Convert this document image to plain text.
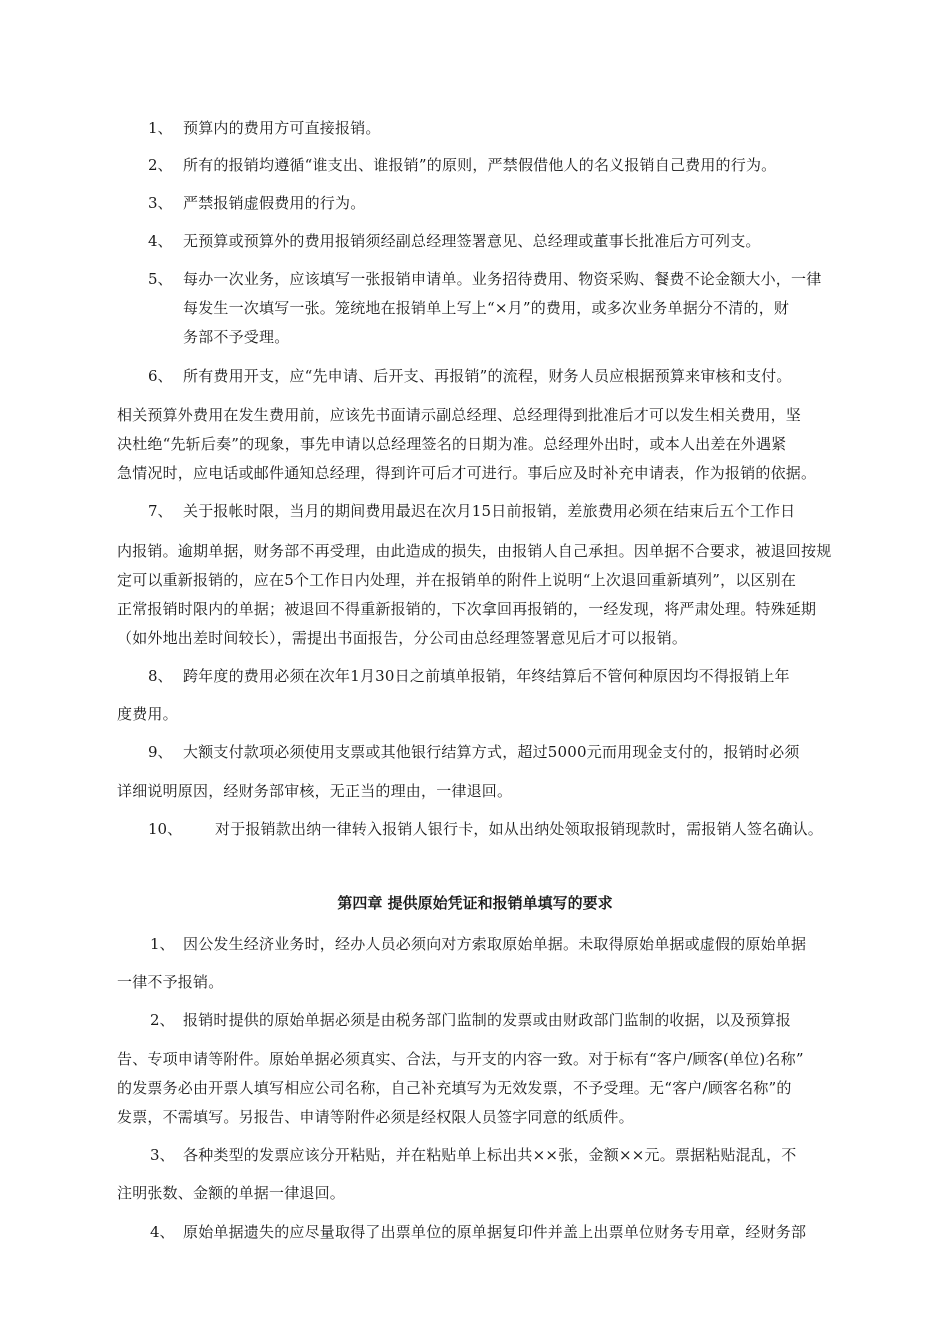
1、 预算内的费用方可直接报销。
2、 所有的报销均遵循“谁支出、谁报销”的原则，严禁假借他人的名义报销自己费用的行为。
3、 严禁报销虚假费用的行为。
4、 无预算或预算外的费用报销须经副总经理签署意见、总经理或董事长批准后方可列支。
5、 每办一次业务，应该填写一张报销申请单。业务招待费用、物资采购、餐费不论金额大小，一律
每发生一次填写一张。笼统地在报销单上写上“×月”的费用，或多次业务单据分不清的，财
务部不予受理。
6、 所有费用开支，应“先申请、后开支、再报销”的流程，财务人员应根据预算来审核和支付。
相关预算外费用在发生费用前，应该先书面请示副总经理、总经理得到批准后才可以发生相关费用，坚
决杜绝“先斩后奏”的现象，事先申请以总经理签名的日期为准。总经理外出时，或本人出差在外遇紧
急情况时，应电话或邮件通知总经理，得到许可后才可进行。事后应及时补充申请表，作为报销的依据。
7、 关于报帐时限，当月的期间费用最迟在次月15日前报销，差旅费用必须在结束后五个工作日
内报销。逾期单据，财务部不再受理，由此造成的损失，由报销人自己承担。因单据不合要求，被退回按规
定可以重新报销的，应在5个工作日内处理，并在报销单的附件上说明“上次退回重新填列”，以区别在
正常报销时限内的单据；被退回不得重新报销的，下次拿回再报销的，一经发现，将严肃处理。特殊延期
（如外地出差时间较长），需提出书面报告，分公司由总经理签署意见后才可以报销。
8、 跨年度的费用必须在次年1月30日之前填单报销，年终结算后不管何种原因均不得报销上年
度费用。
9、 大额支付款项必须使用支票或其他银行结算方式，超过5000元而用现金支付的，报销时必须
详细说明原因，经财务部审核，无正当的理由，一律退回。
10、 对于报销款出纳一律转入报销人银行卡，如从出纳处领取报销现款时，需报销人签名确认。
第四章 提供原始凭证和报销单填写的要求
1、 因公发生经济业务时，经办人员必须向对方索取原始单据。未取得原始单据或虚假的原始单据
一律不予报销。
2、 报销时提供的原始单据必须是由税务部门监制的发票或由财政部门监制的收据，以及预算报
告、专项申请等附件。原始单据必须真实、合法，与开支的内容一致。对于标有“客户/顾客(单位)名称”
的发票务必由开票人填写相应公司名称，自己补充填写为无效发票，不予受理。无“客户/顾客名称”的
发票，不需填写。另报告、申请等附件必须是经权限人员签字同意的纸质件。
3、 各种类型的发票应该分开粘贴，并在粘贴单上标出共××张，金额××元。票据粘贴混乱，不
注明张数、金额的单据一律退回。
4、 原始单据遗失的应尽量取得了出票单位的原单据复印件并盖上出票单位财务专用章，经财务部
